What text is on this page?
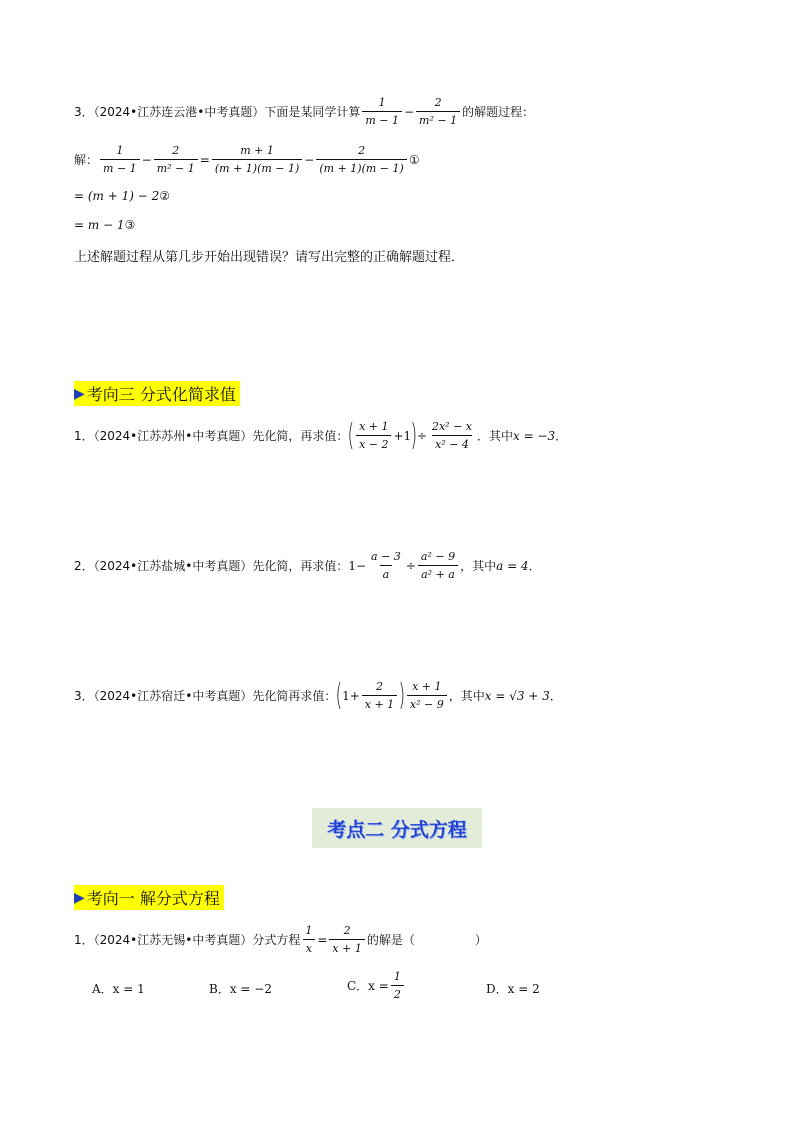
3．（2024•江苏连云港•中考真题）下面是某同学计算 $\frac{1}{m - 1} - \frac{2}{\text{m² − 1}}$ 的解题过程：
解： $\frac{1}{m - 1} - \frac{2}{\text{m² − 1}} = \frac{m + 1}{(m + 1)(m - 1)} - \frac{2}{(m + 1)(m - 1)}$ ①
= (m + 1) − 2 ②
= m − 1 ③
上述解题过程从第几步开始出现错误？请写出完整的正确解题过程．
▶ 考向三 分式化简求值
1．（2024•江苏苏州•中考真题）先化简，再求值： ( $\frac{x + 1}{x - 2} +1$ ) ÷ $\frac{\text{2x² − x}}{\text{x² − 4}}$ ．其中 x = −3 ．
2．（2024•江苏盐城•中考真题）先化简，再求值： $1- \frac{a - 3}{a} \div \frac{\text{a² − 9}}{\text{a² + a}}$ ，其中 a = 4 ．
3．（2024•江苏宿迁•中考真题）先化简再求值： ( $1+ \frac{2}{x + 1}$ ) $\frac{x + 1}{\text{x² − 9}}$ ，其中 x = √3 + 3 ．
考点二 分式方程
▶ 考向一 解分式方程
1．（2024•江苏无锡•中考真题）分式方程 $\frac{1}{x} = \frac{2}{x + 1}$ 的解是（　　　　　）
A．x = 1	B．x = −2	C．$x = \frac{1}{2}$	D．x = 2
